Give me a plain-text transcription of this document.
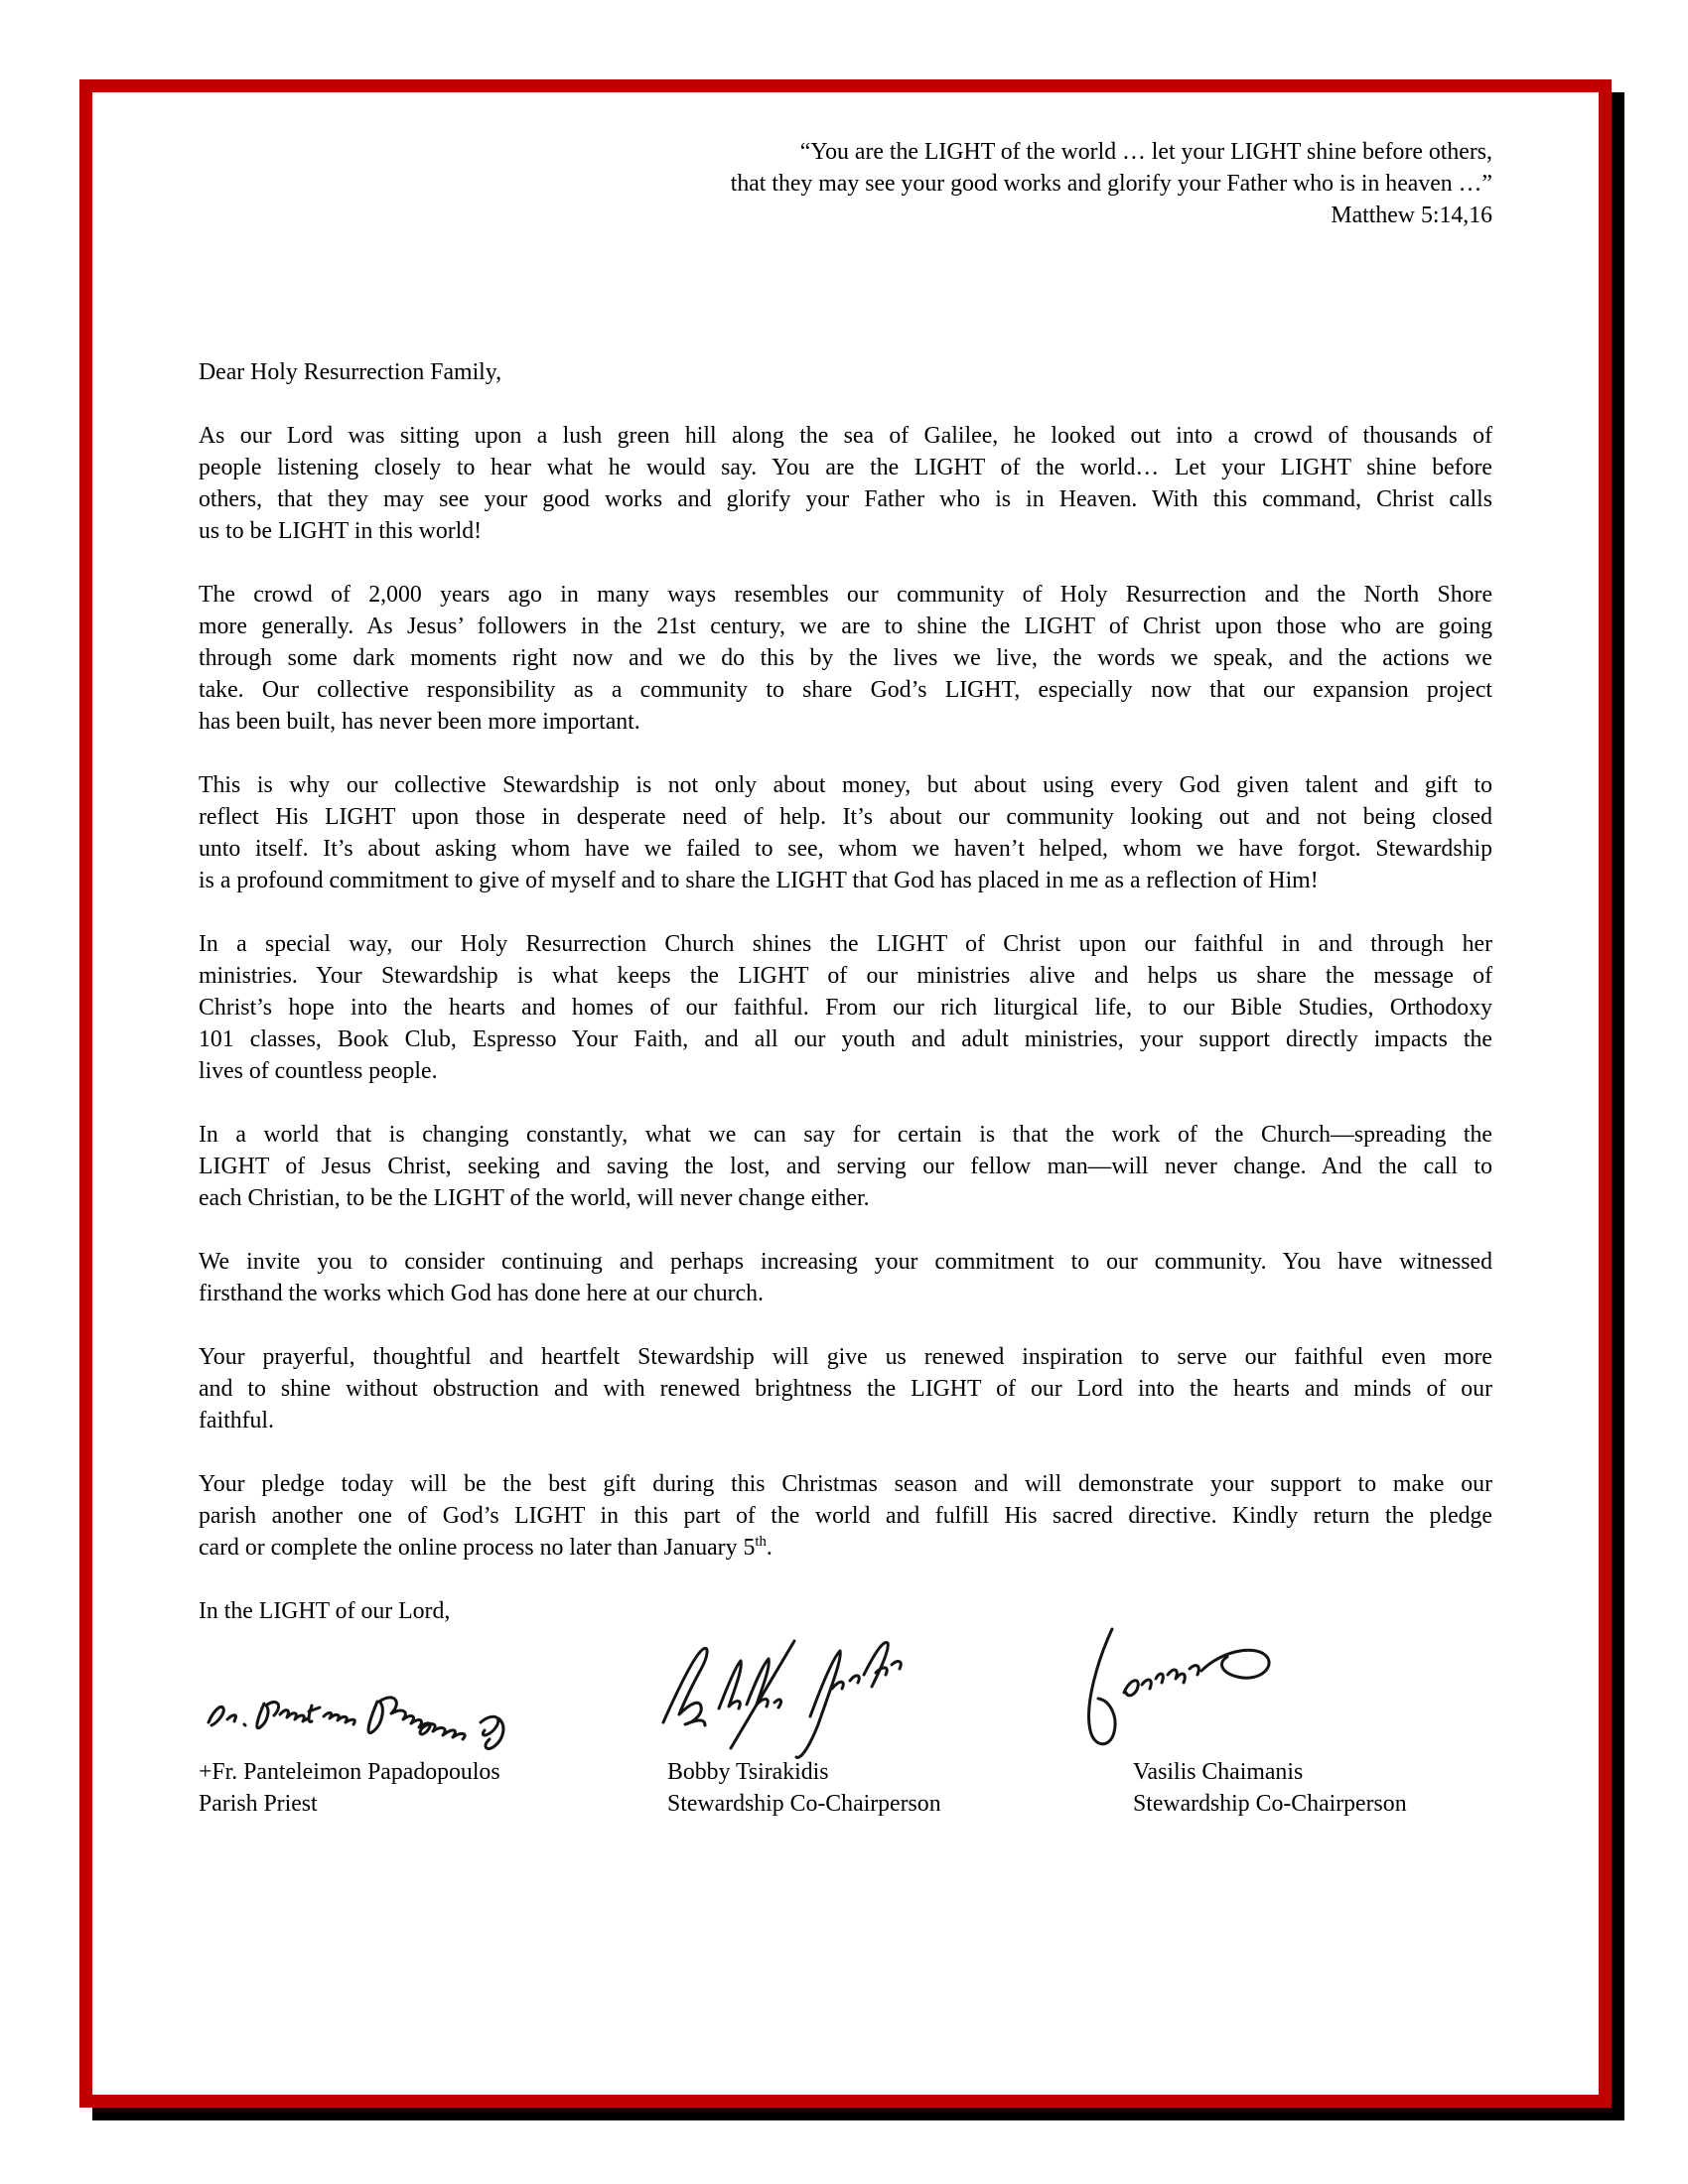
“You are the LIGHT of the world … let your LIGHT shine before others,
that they may see your good works and glorify your Father who is in heaven …”
Matthew 5:14,16

Dear Holy Resurrection Family,

As our Lord was sitting upon a lush green hill along the sea of Galilee, he looked out into a crowd of thousands of
people listening closely to hear what he would say. You are the LIGHT of the world… Let your LIGHT shine before
others, that they may see your good works and glorify your Father who is in Heaven. With this command, Christ calls
us to be LIGHT in this world!
The crowd of 2,000 years ago in many ways resembles our community of Holy Resurrection and the North Shore
more generally. As Jesus’ followers in the 21st century, we are to shine the LIGHT of Christ upon those who are going
through some dark moments right now and we do this by the lives we live, the words we speak, and the actions we
take. Our collective responsibility as a community to share God’s LIGHT, especially now that our expansion project
has been built, has never been more important.
This is why our collective Stewardship is not only about money, but about using every God given talent and gift to
reflect His LIGHT upon those in desperate need of help. It’s about our community looking out and not being closed
unto itself. It’s about asking whom have we failed to see, whom we haven’t helped, whom we have forgot. Stewardship
is a profound commitment to give of myself and to share the LIGHT that God has placed in me as a reflection of Him!
In a special way, our Holy Resurrection Church shines the LIGHT of Christ upon our faithful in and through her
ministries. Your Stewardship is what keeps the LIGHT of our ministries alive and helps us share the message of
Christ’s hope into the hearts and homes of our faithful. From our rich liturgical life, to our Bible Studies, Orthodoxy
101 classes, Book Club, Espresso Your Faith, and all our youth and adult ministries, your support directly impacts the
lives of countless people.
In a world that is changing constantly, what we can say for certain is that the work of the Church—spreading the
LIGHT of Jesus Christ, seeking and saving the lost, and serving our fellow man—will never change. And the call to
each Christian, to be the LIGHT of the world, will never change either.
We invite you to consider continuing and perhaps increasing your commitment to our community. You have witnessed
firsthand the works which God has done here at our church.
Your prayerful, thoughtful and heartfelt Stewardship will give us renewed inspiration to serve our faithful even more
and to shine without obstruction and with renewed brightness the LIGHT of our Lord into the hearts and minds of our
faithful.
Your pledge today will be the best gift during this Christmas season and will demonstrate your support to make our
parish another one of God’s LIGHT in this part of the world and fulfill His sacred directive. Kindly return the pledge
card or complete the online process no later than January 5th.

In the LIGHT of our Lord,

+Fr. Panteleimon Papadopoulos
Parish Priest
Bobby Tsirakidis
Stewardship Co-Chairperson
Vasilis Chaimanis
Stewardship Co-Chairperson
